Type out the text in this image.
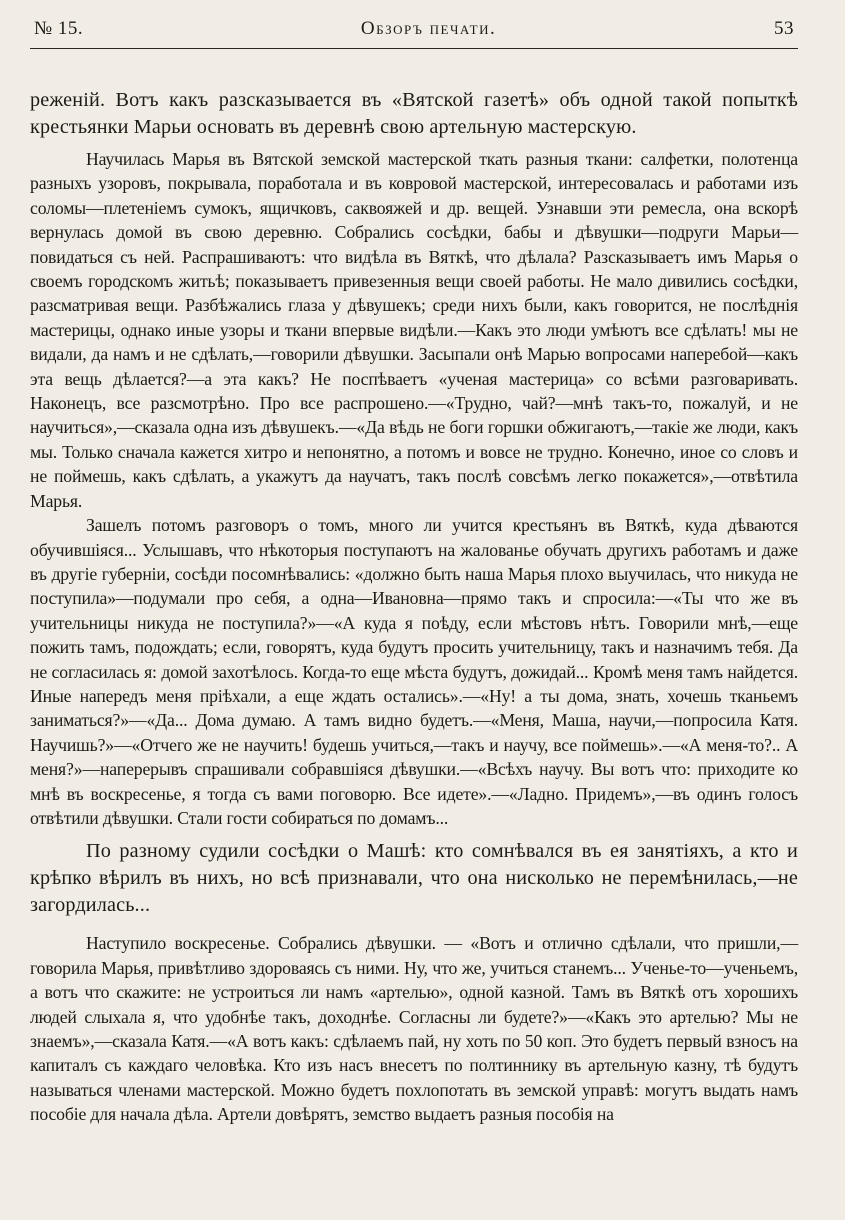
№ 15.	Обзоръ печати.	53

реженій. Вотъ какъ разсказывается въ «Вятской газетѣ» объ одной такой попыткѣ крестьянки Марьи основать въ деревнѣ свою артельную мастерскую.

Научилась Марья въ Вятской земской мастерской ткать разныя ткани: салфетки, полотенца разныхъ узоровъ, покрывала, поработала и въ ковровой мастерской, интересовалась и работами изъ соломы—плетеніемъ сумокъ, ящичковъ, саквояжей и др. вещей. Узнавши эти ремесла, она вскорѣ вернулась домой въ свою деревню. Собрались сосѣдки, бабы и дѣвушки—подруги Марьи—повидаться съ ней. Распрашиваютъ: что видѣла въ Вяткѣ, что дѣлала? Разсказываетъ имъ Марья о своемъ городскомъ житьѣ; показываетъ привезенныя вещи своей работы. Не мало дивились сосѣдки, разсматривая вещи. Разбѣжались глаза у дѣвушекъ; среди нихъ были, какъ говорится, не послѣднія мастерицы, однако иные узоры и ткани впервые видѣли.—Какъ это люди умѣютъ все сдѣлать! мы не видали, да намъ и не сдѣлать,—говорили дѣвушки. Засыпали онѣ Марью вопросами наперебой—какъ эта вещь дѣлается?—а эта какъ? Не поспѣваетъ «ученая мастерица» со всѣми разговаривать. Наконецъ, все разсмотрѣно. Про все распрошено.—«Трудно, чай?—мнѣ такъ-то, пожалуй, и не научиться»,—сказала одна изъ дѣвушекъ.—«Да вѣдь не боги горшки обжигаютъ,—такіе же люди, какъ мы. Только сначала кажется хитро и непонятно, а потомъ и вовсе не трудно. Конечно, иное со словъ и не поймешь, какъ сдѣлать, а укажутъ да научатъ, такъ послѣ совсѣмъ легко покажется»,—отвѣтила Марья.

Зашелъ потомъ разговоръ о томъ, много ли учится крестьянъ въ Вяткѣ, куда дѣваются обучившіяся... Услышавъ, что нѣкоторыя поступаютъ на жалованье обучать другихъ работамъ и даже въ другіе губерніи, сосѣди посомнѣвались: «должно быть наша Марья плохо выучилась, что никуда не поступила»—подумали про себя, а одна—Ивановна—прямо такъ и спросила:—«Ты что же въ учительницы никуда не поступила?»—«А куда я поѣду, если мѣстовъ нѣтъ. Говорили мнѣ,—еще пожить тамъ, подождать; если, говорятъ, куда будутъ просить учительницу, такъ и назначимъ тебя. Да не согласилась я: домой захотѣлось. Когда-то еще мѣста будутъ, дожидай... Кромѣ меня тамъ найдется. Иные напередъ меня пріѣхали, а еще ждать остались».—«Ну! а ты дома, знать, хочешь тканьемъ заниматься?»—«Да... Дома думаю. А тамъ видно будетъ.—«Меня, Маша, научи,—попросила Катя. Научишь?»—«Отчего же не научить! будешь учиться,—такъ и научу, все поймешь».—«А меня-то?.. А меня?»—наперерывъ спрашивали собравшіяся дѣвушки.—«Всѣхъ научу. Вы вотъ что: приходите ко мнѣ въ воскресенье, я тогда съ вами поговорю. Все идете».—«Ладно. Придемъ»,—въ одинъ голосъ отвѣтили дѣвушки. Стали гости собираться по домамъ...

По разному судили сосѣдки о Машѣ: кто сомнѣвался въ ея занятіяхъ, а кто и крѣпко вѣрилъ въ нихъ, но всѣ признавали, что она нисколько не перемѣнилась,—не загордилась...

Наступило воскресенье. Собрались дѣвушки. — «Вотъ и отлично сдѣлали, что пришли,—говорила Марья, привѣтливо здороваясь съ ними. Ну, что же, учиться станемъ... Ученье-то—ученьемъ, а вотъ что скажите: не устроиться ли намъ «артелью», одной казной. Тамъ въ Вяткѣ отъ хорошихъ людей слыхала я, что удобнѣе такъ, доходнѣе. Согласны ли будете?»—«Какъ это артелью? Мы не знаемъ»,—сказала Катя.—«А вотъ какъ: сдѣлаемъ пай, ну хоть по 50 коп. Это будетъ первый взносъ на капиталъ съ каждаго человѣка. Кто изъ насъ внесетъ по полтиннику въ артельную казну, тѣ будутъ называться членами мастерской. Можно будетъ похлопотать въ земской управѣ: могутъ выдать намъ пособіе для начала дѣла. Артели довѣрятъ, земство выдаетъ разныя пособія на
